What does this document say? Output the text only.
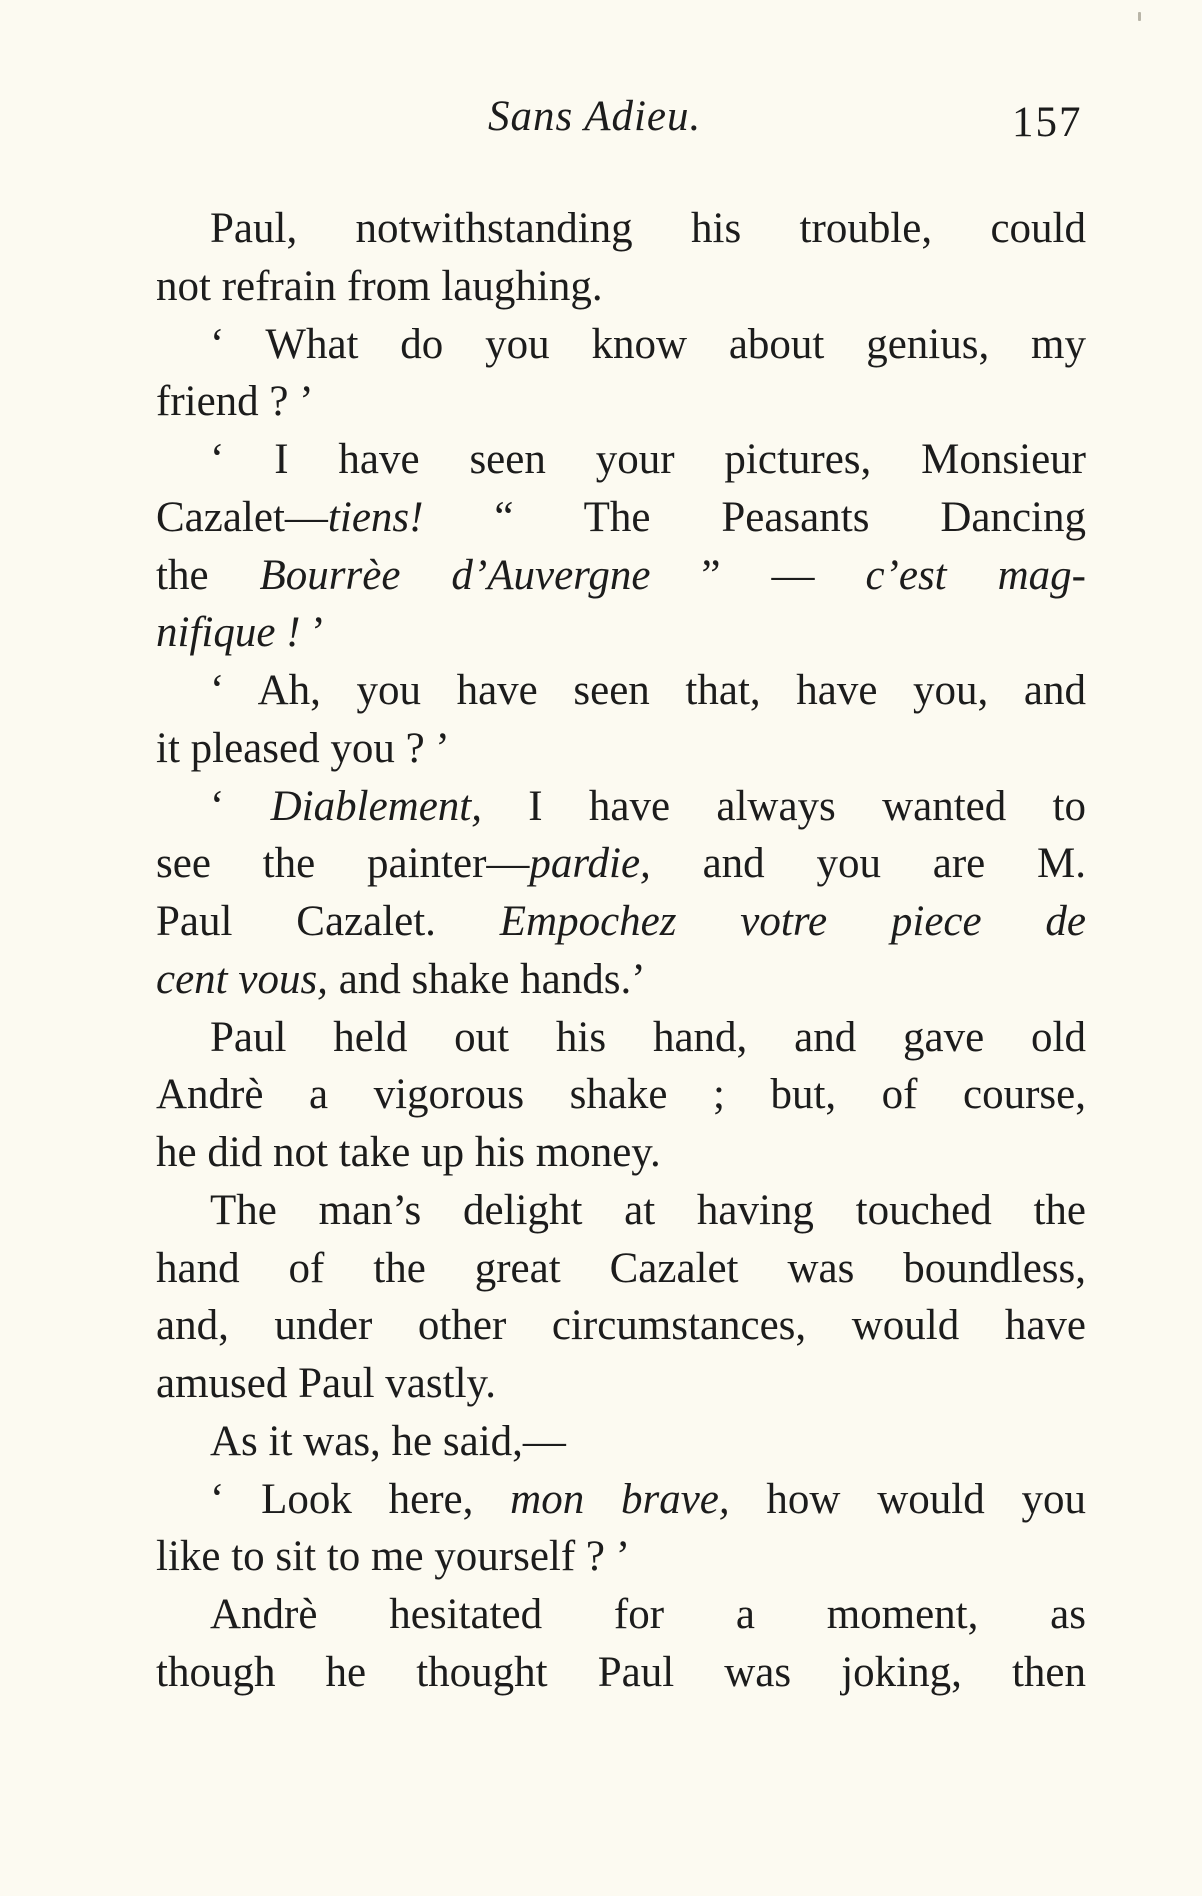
Sans Adieu.	157
Paul, notwithstanding his trouble, could
not refrain from laughing.
‘ What do you know about genius, my
friend ? ’
‘ I have seen your pictures, Monsieur
Cazalet—tiens! “ The Peasants Dancing
the Bourrèe d’Auvergne ” — c’est mag-
nifique ! ’
‘ Ah, you have seen that, have you, and
it pleased you ? ’
‘ Diablement, I have always wanted to
see the painter—pardie, and you are M.
Paul Cazalet. Empochez votre piece de
cent vous, and shake hands.’
Paul held out his hand, and gave old
Andrè a vigorous shake ; but, of course,
he did not take up his money.
The man’s delight at having touched the
hand of the great Cazalet was boundless,
and, under other circumstances, would have
amused Paul vastly.
As it was, he said,—
‘ Look here, mon brave, how would you
like to sit to me yourself ? ’
Andrè hesitated for a moment, as
though he thought Paul was joking, then
